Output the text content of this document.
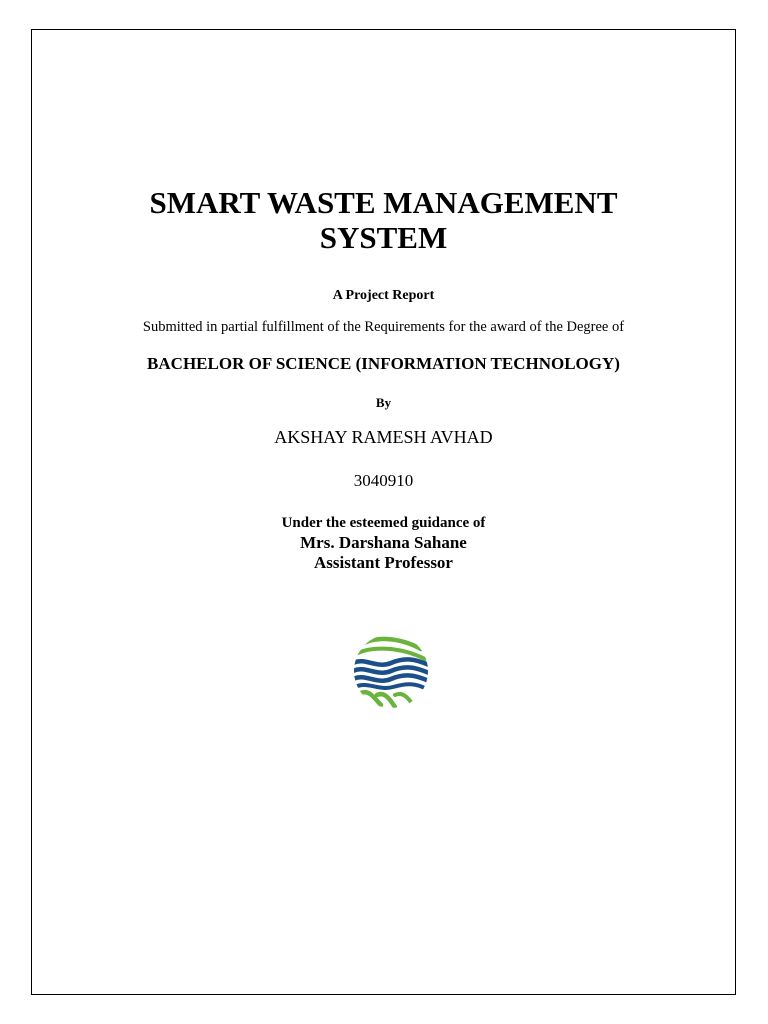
SMART WASTE MANAGEMENT
SYSTEM

A Project Report

Submitted in partial fulfillment of the Requirements for the award of the Degree of

BACHELOR OF SCIENCE (INFORMATION TECHNOLOGY)

By

AKSHAY RAMESH AVHAD

3040910

Under the esteemed guidance of

Mrs. Darshana Sahane

Assistant Professor
